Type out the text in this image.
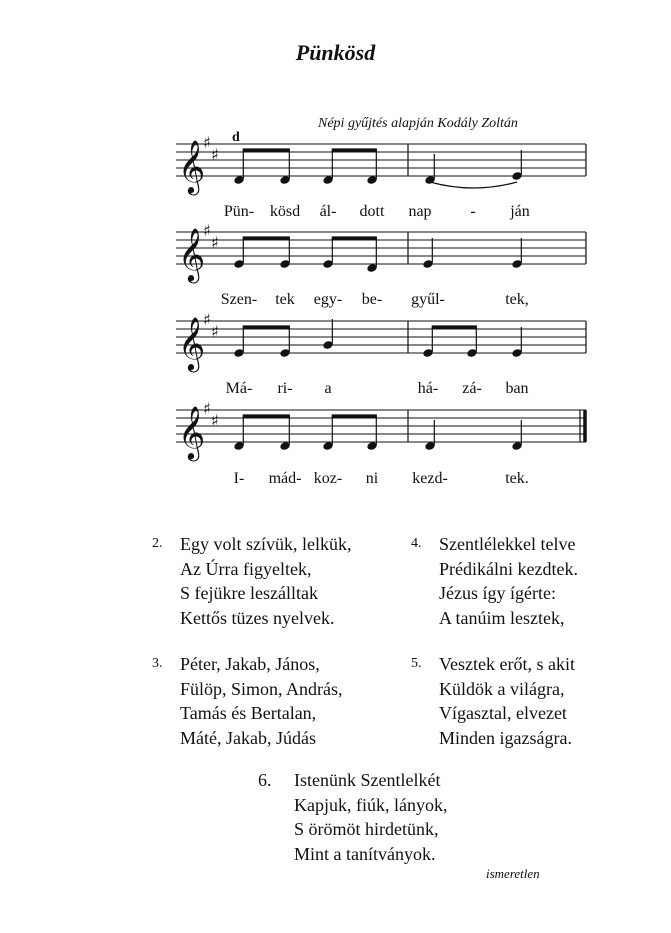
Pünkösd
Népi gyűjtés alapján Kodály Zoltán
d
𝄞
♯
♯
𝄞
♯
♯
𝄞
♯
♯
𝄞
♯
♯
Pün- kösd ál- dott nap - ján
Szen- tek egy- be- gyűl-	tek,
Má- ri- a	há- zá- ban
I- mád- koz- ni kezd-	tek.
2. Egy volt szívük, lelkük,
Az Úrra figyeltek,
S fejükre leszálltak
Kettős tüzes nyelvek.
4. Szentlélekkel telve
Prédikálni kezdtek.
Jézus így ígérte:
A tanúim lesztek,
3. Péter, Jakab, János,
Fülöp, Simon, András,
Tamás és Bertalan,
Máté, Jakab, Júdás
5. Vesztek erőt, s akit
Küldök a világra,
Vígasztal, elvezet
Minden igazságra.
6. Istenünk Szentlelkét
Kapjuk, fiúk, lányok,
S örömöt hirdetünk,
Mint a tanítványok.
ismeretlen
